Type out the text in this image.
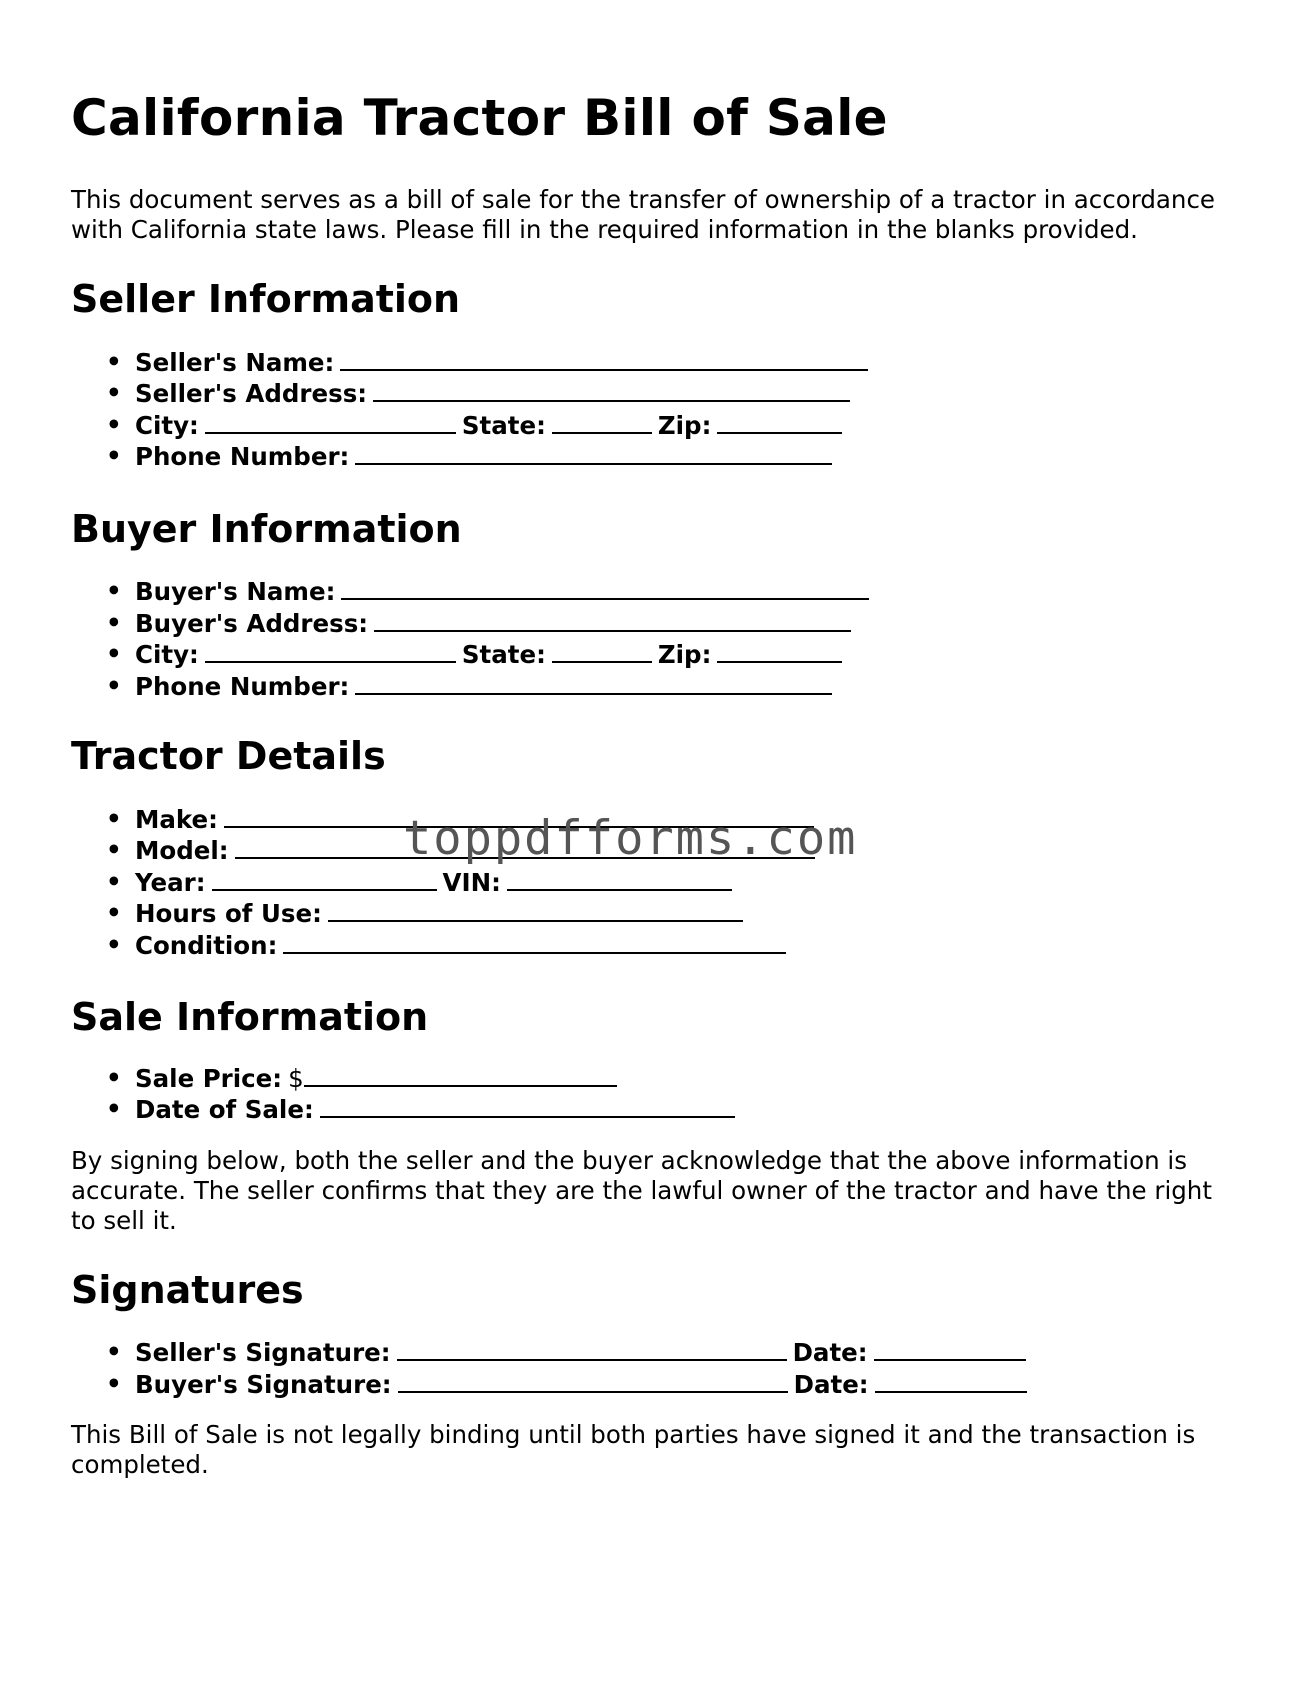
California Tractor Bill of Sale

This document serves as a bill of sale for the transfer of ownership of a tractor in accordance with California state laws. Please fill in the required information in the blanks provided.

Seller Information
• Seller's Name:
• Seller's Address:
• City:	State:	Zip:
• Phone Number:
Buyer Information
• Buyer's Name:
• Buyer's Address:
• City:	State:	Zip:
• Phone Number:
Tractor Details
• Make:
• Model:
• Year:	VIN:
• Hours of Use:
• Condition:
Sale Information
• Sale Price: $
• Date of Sale:

By signing below, both the seller and the buyer acknowledge that the above information is accurate. The seller confirms that they are the lawful owner of the tractor and have the right to sell it.

Signatures
• Seller's Signature:	Date:
• Buyer's Signature:	Date:

This Bill of Sale is not legally binding until both parties have signed it and the transaction is completed.

toppdfforms.com
